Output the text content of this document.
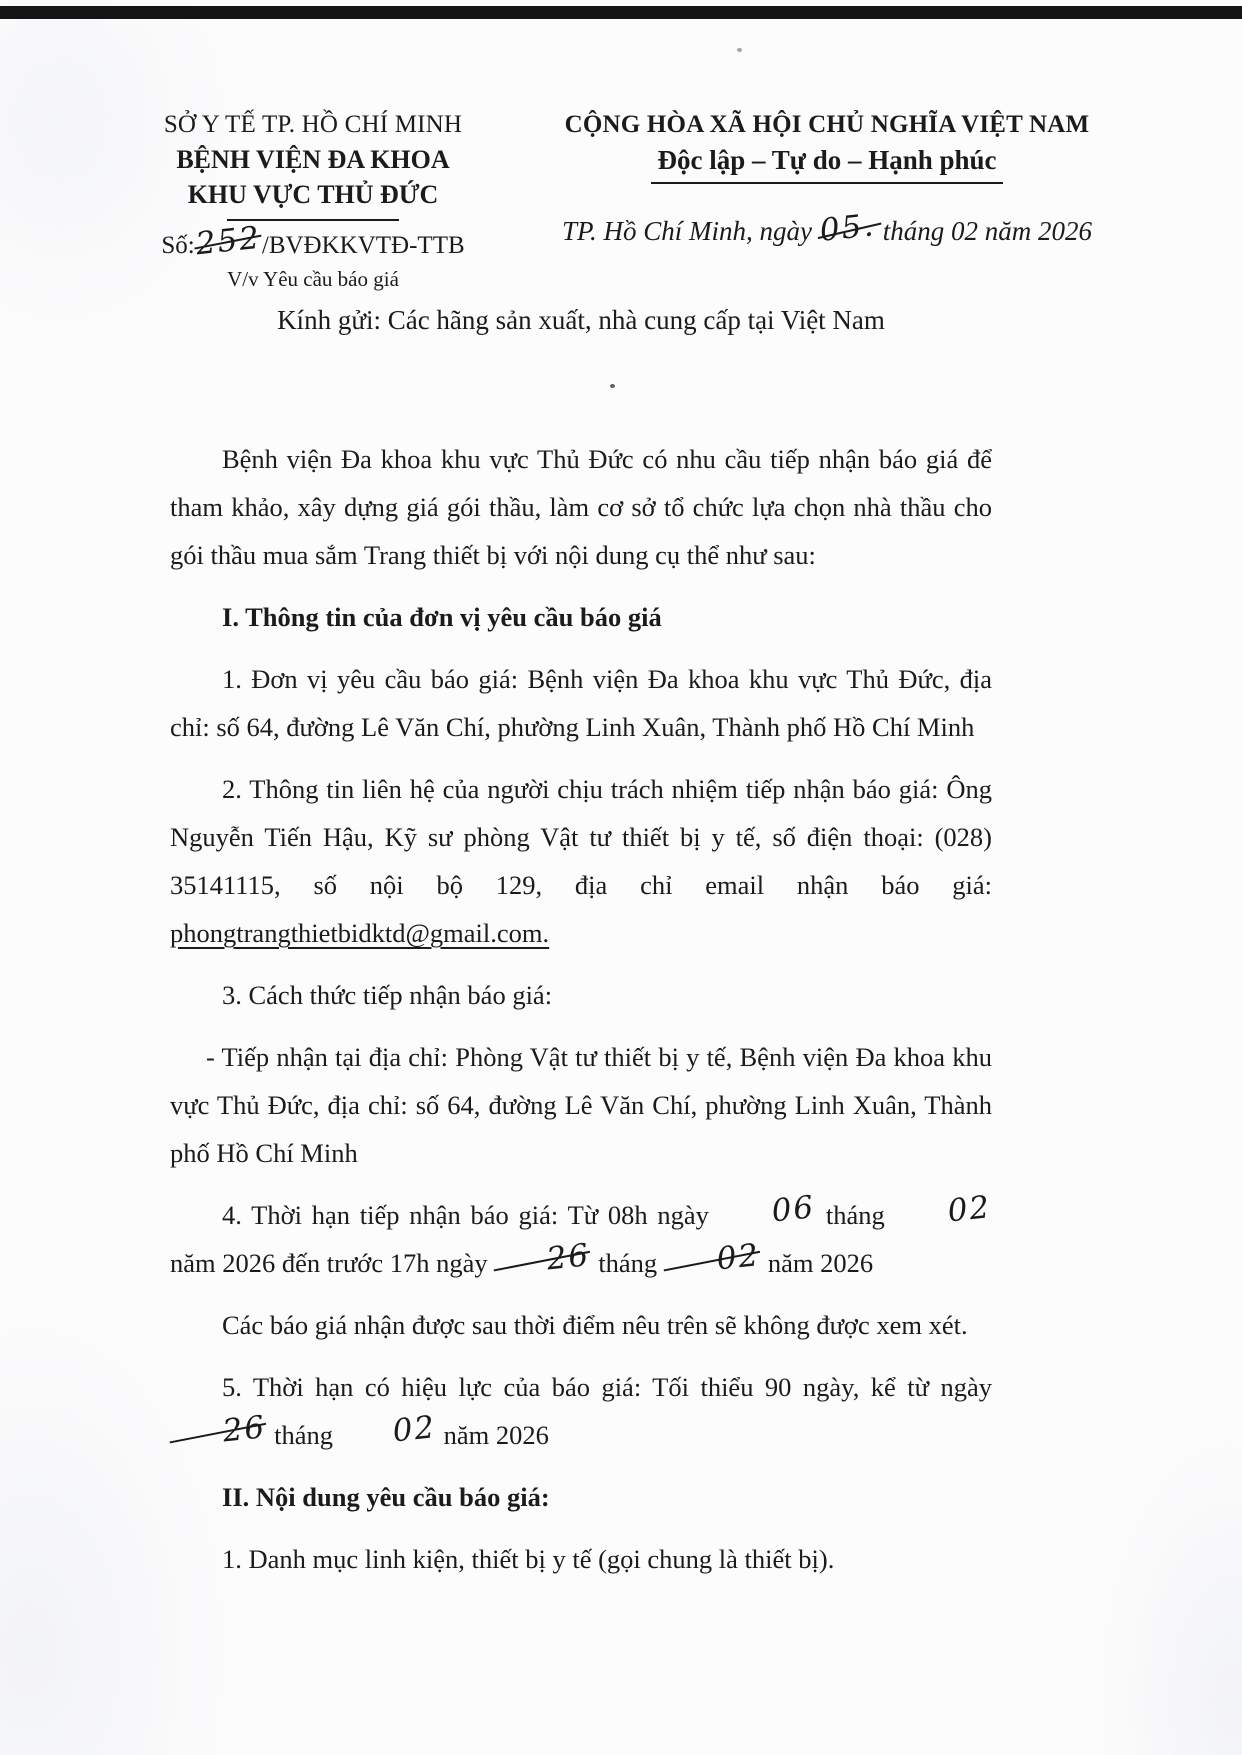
SỞ Y TẾ TP. HỒ CHÍ MINH
BỆNH VIỆN ĐA KHOA
KHU VỰC THỦ ĐỨC
Số:252/BVĐKKVTĐ-TTB
V/v Yêu cầu báo giá
CỘNG HÒA XÃ HỘI CHỦ NGHĨA VIỆT NAM
Độc lập – Tự do – Hạnh phúc
TP. Hồ Chí Minh, ngày 05. tháng 02 năm 2026

Kính gửi: Các hãng sản xuất, nhà cung cấp tại Việt Nam

Bệnh viện Đa khoa khu vực Thủ Đức có nhu cầu tiếp nhận báo giá để tham khảo, xây dựng giá gói thầu, làm cơ sở tổ chức lựa chọn nhà thầu cho gói thầu mua sắm Trang thiết bị với nội dung cụ thể như sau:

I. Thông tin của đơn vị yêu cầu báo giá

1. Đơn vị yêu cầu báo giá: Bệnh viện Đa khoa khu vực Thủ Đức, địa chỉ: số 64, đường Lê Văn Chí, phường Linh Xuân, Thành phố Hồ Chí Minh

2. Thông tin liên hệ của người chịu trách nhiệm tiếp nhận báo giá: Ông Nguyễn Tiến Hậu, Kỹ sư phòng Vật tư thiết bị y tế, số điện thoại: (028) 35141115, số nội bộ 129, địa chỉ email nhận báo giá: phongtrangthietbidktd@gmail.com.

3. Cách thức tiếp nhận báo giá:

- Tiếp nhận tại địa chỉ: Phòng Vật tư thiết bị y tế, Bệnh viện Đa khoa khu vực Thủ Đức, địa chỉ: số 64, đường Lê Văn Chí, phường Linh Xuân, Thành phố Hồ Chí Minh

4. Thời hạn tiếp nhận báo giá: Từ 08h ngày 06 tháng 02 năm 2026 đến trước 17h ngày 26 tháng 02 năm 2026

Các báo giá nhận được sau thời điểm nêu trên sẽ không được xem xét.

5. Thời hạn có hiệu lực của báo giá: Tối thiểu 90 ngày, kể từ ngày 26 tháng 02 năm 2026

II. Nội dung yêu cầu báo giá:

1. Danh mục linh kiện, thiết bị y tế (gọi chung là thiết bị).
